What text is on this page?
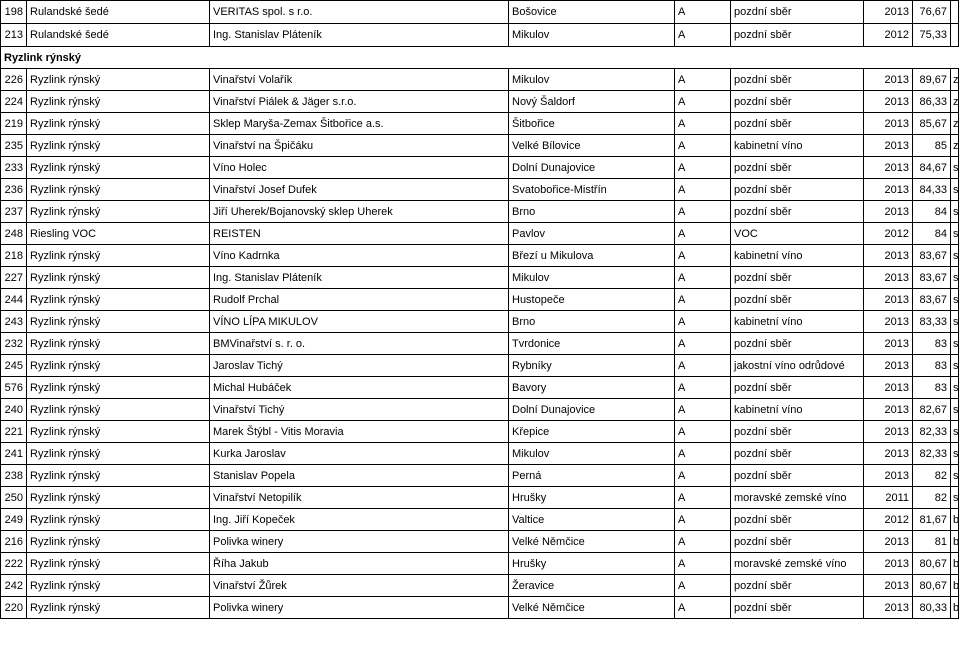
198	Rulandské šedé	VERITAS spol. s r.o.	Bošovice	A	pozdní sběr	2013	76,67	
213	Rulandské šedé	Ing. Stanislav Pláteník	Mikulov	A	pozdní sběr	2012	75,33	
Ryzlink rýnský								
226	Ryzlink rýnský	Vinařství Volařík	Mikulov	A	pozdní sběr	2013	89,67	z
224	Ryzlink rýnský	Vinařství Piálek & Jäger s.r.o.	Nový Šaldorf	A	pozdní sběr	2013	86,33	z
219	Ryzlink rýnský	Sklep Maryša-Zemax Šitbořice a.s.	Šitbořice	A	pozdní sběr	2013	85,67	z
235	Ryzlink rýnský	Vinařství na Špičáku	Velké Bílovice	A	kabinetní víno	2013	85	z
233	Ryzlink rýnský	Víno Holec	Dolní Dunajovice	A	pozdní sběr	2013	84,67	s
236	Ryzlink rýnský	Vinařství Josef Dufek	Svatobořice-Mistřín	A	pozdní sběr	2013	84,33	s
237	Ryzlink rýnský	Jiří Uherek/Bojanovský sklep Uherek	Brno	A	pozdní sběr	2013	84	s
248	Riesling VOC	REISTEN	Pavlov	A	VOC	2012	84	s
218	Ryzlink rýnský	Víno Kadrnka	Březí u Mikulova	A	kabinetní víno	2013	83,67	s
227	Ryzlink rýnský	Ing. Stanislav Pláteník	Mikulov	A	pozdní sběr	2013	83,67	s
244	Ryzlink rýnský	Rudolf Prchal	Hustopeče	A	pozdní sběr	2013	83,67	s
243	Ryzlink rýnský	VÍNO LÍPA MIKULOV	Brno	A	kabinetní víno	2013	83,33	s
232	Ryzlink rýnský	BMVinařství s. r. o.	Tvrdonice	A	pozdní sběr	2013	83	s
245	Ryzlink rýnský	Jaroslav Tichý	Rybníky	A	jakostní víno odrůdové	2013	83	s
576	Ryzlink rýnský	Michal Hubáček	Bavory	A	pozdní sběr	2013	83	s
240	Ryzlink rýnský	Vinařství Tichý	Dolní Dunajovice	A	kabinetní víno	2013	82,67	s
221	Ryzlink rýnský	Marek Štýbl - Vitis Moravia	Křepice	A	pozdní sběr	2013	82,33	s
241	Ryzlink rýnský	Kurka Jaroslav	Mikulov	A	pozdní sběr	2013	82,33	s
238	Ryzlink rýnský	Stanislav Popela	Perná	A	pozdní sběr	2013	82	s
250	Ryzlink rýnský	Vinařství Netopilík	Hrušky	A	moravské zemské víno	2011	82	s
249	Ryzlink rýnský	Ing. Jiří Kopeček	Valtice	A	pozdní sběr	2012	81,67	b
216	Ryzlink rýnský	Polivka winery	Velké Němčice	A	pozdní sběr	2013	81	b
222	Ryzlink rýnský	Říha Jakub	Hrušky	A	moravské zemské víno	2013	80,67	b
242	Ryzlink rýnský	Vinařství Žůrek	Žeravice	A	pozdní sběr	2013	80,67	b
220	Ryzlink rýnský	Polivka winery	Velké Němčice	A	pozdní sběr	2013	80,33	b
